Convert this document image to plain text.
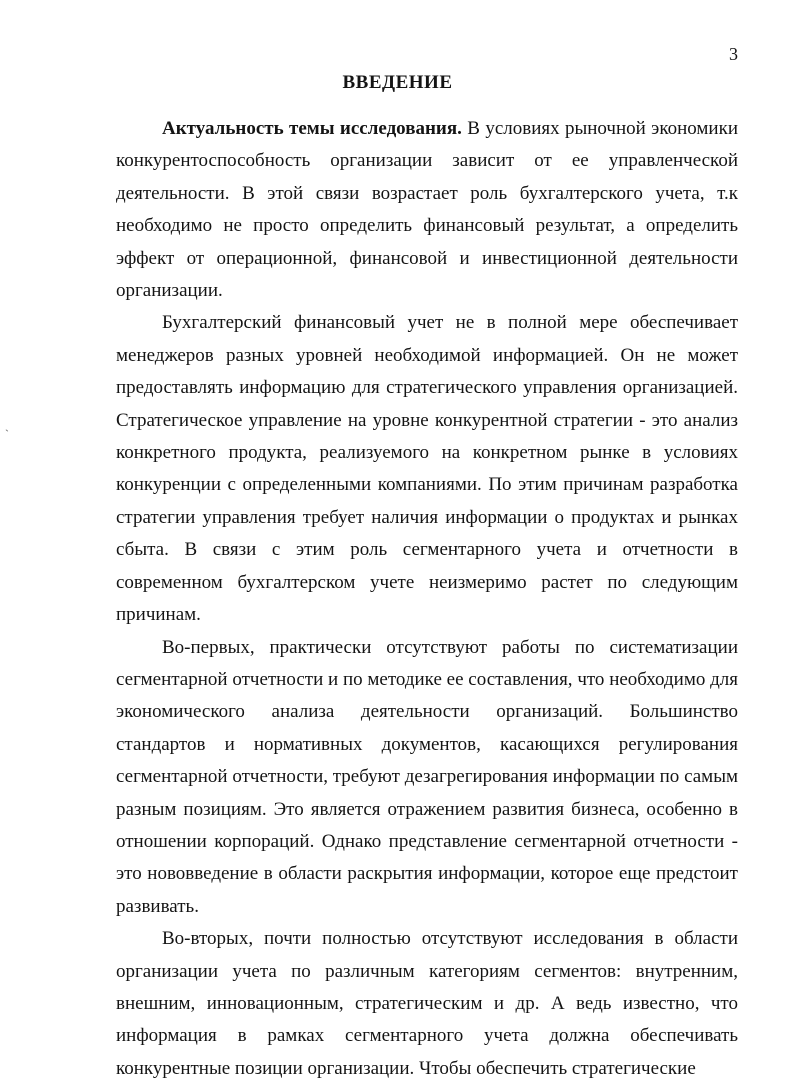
3
ВВЕДЕНИЕ
ˎ

Актуальность темы исследования. В условиях рыночной экономики конкурентоспособность организации зависит от ее управленческой деятельности. В этой связи возрастает роль бухгалтерского учета, т.к необходимо не просто определить финансовый результат, а определить эффект от операционной, финансовой и инвестиционной деятельности организации.

Бухгалтерский финансовый учет не в полной мере обеспечивает менеджеров разных уровней необходимой информацией. Он не может предоставлять информацию для стратегического управления организацией. Стратегическое управление на уровне конкурентной стратегии - это анализ конкретного продукта, реализуемого на конкретном рынке в условиях конкуренции с определенными компаниями. По этим причинам разработка стратегии управления требует наличия информации о продуктах и рынках сбыта. В связи с этим роль сегментарного учета и отчетности в современном бухгалтерском учете неизмеримо растет по следующим причинам.

Во-первых, практически отсутствуют работы по систематизации сегментарной отчетности и по методике ее составления, что необходимо для экономического анализа деятельности организаций. Большинство стандартов и нормативных документов, касающихся регулирования сегментарной отчетности, требуют дезагрегирования информации по самым разным позициям. Это является отражением развития бизнеса, особенно в отношении корпораций. Однако представление сегментарной отчетности - это нововведение в области раскрытия информации, которое еще предстоит развивать.

Во-вторых, почти полностью отсутствуют исследования в области организации учета по различным категориям сегментов: внутренним, внешним, инновационным, стратегическим и др. А ведь известно, что информация в рамках сегментарного учета должна обеспечивать конкурентные позиции организации. Чтобы обеспечить стратегические
